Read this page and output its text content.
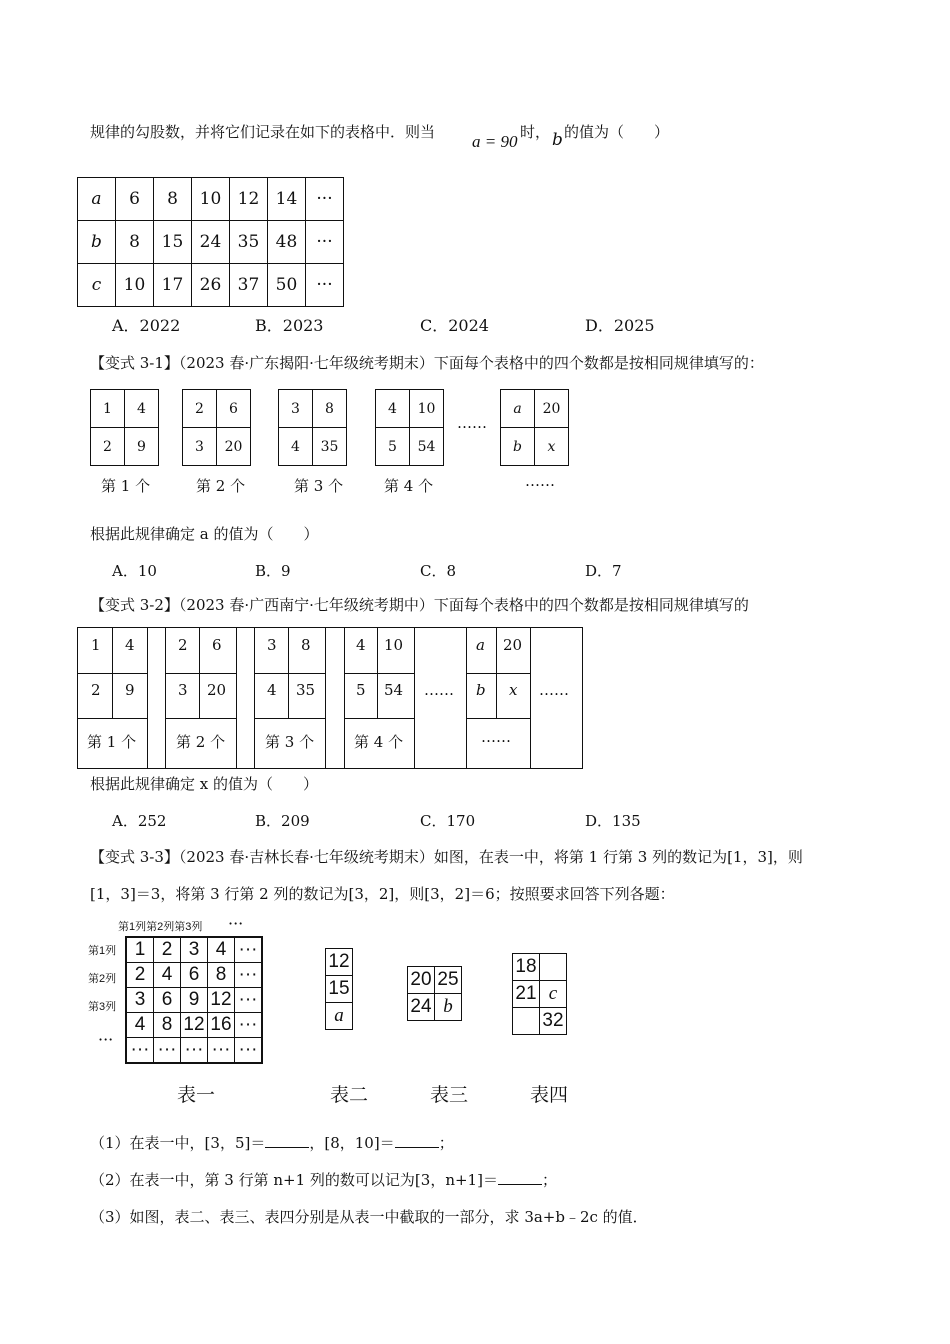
规律的勾股数，并将它们记录在如下的表格中．则当 a = 90 时， b 的值为（　　）
a	6	8	10	12	14	···
b	8	15	24	35	48	···
c	10	17	26	37	50	···
A．2022	B．2023	C．2024	D．2025
【变式 3-1】（2023 春·广东揭阳·七年级统考期末）下面每个表格中的四个数都是按相同规律填写的：
1	4
2	9
2	6
3	20
3	8
4	35
4	10
5	54
……
a	20
b	x
第 1 个	第 2 个	第 3 个	第 4 个	……
根据此规律确定 a 的值为（　　）
A．10	B．9	C．8	D．7
【变式 3-2】（2023 春·广西南宁·七年级统考期中）下面每个表格中的四个数都是按相同规律填写的
1 4
2 9
第 1 个
2 6
3 20
第 2 个
3 8
4 35
第 3 个
4 10
5 54
第 4 个
……
a 20
b x
……
……
根据此规律确定 x 的值为（　　）
A．252	B．209	C．170	D．135
【变式 3-3】（2023 春·吉林长春·七年级统考期末）如图，在表一中，将第 1 行第 3 列的数记为[1，3]，则
[1，3]＝3，将第 3 行第 2 列的数记为[3，2]，则[3，2]＝6；按照要求回答下列各题：
第1列第2列第3列 ···
第1列
第2列
第3列
···
1	2	3	4	···
2	4	6	8	···
3	6	9	12	···
4	8	12	16	···
···	···	···	···	···
12
15
a
20	25
24	b
18	
21	c
	32
表一	表二	表三	表四
（1）在表一中，[3，5]＝	，[8，10]＝	；
（2）在表一中，第 3 行第 n+1 列的数可以记为[3，n+1]＝	；
（3）如图，表二、表三、表四分别是从表一中截取的一部分，求 3a+b﹣2c 的值．
